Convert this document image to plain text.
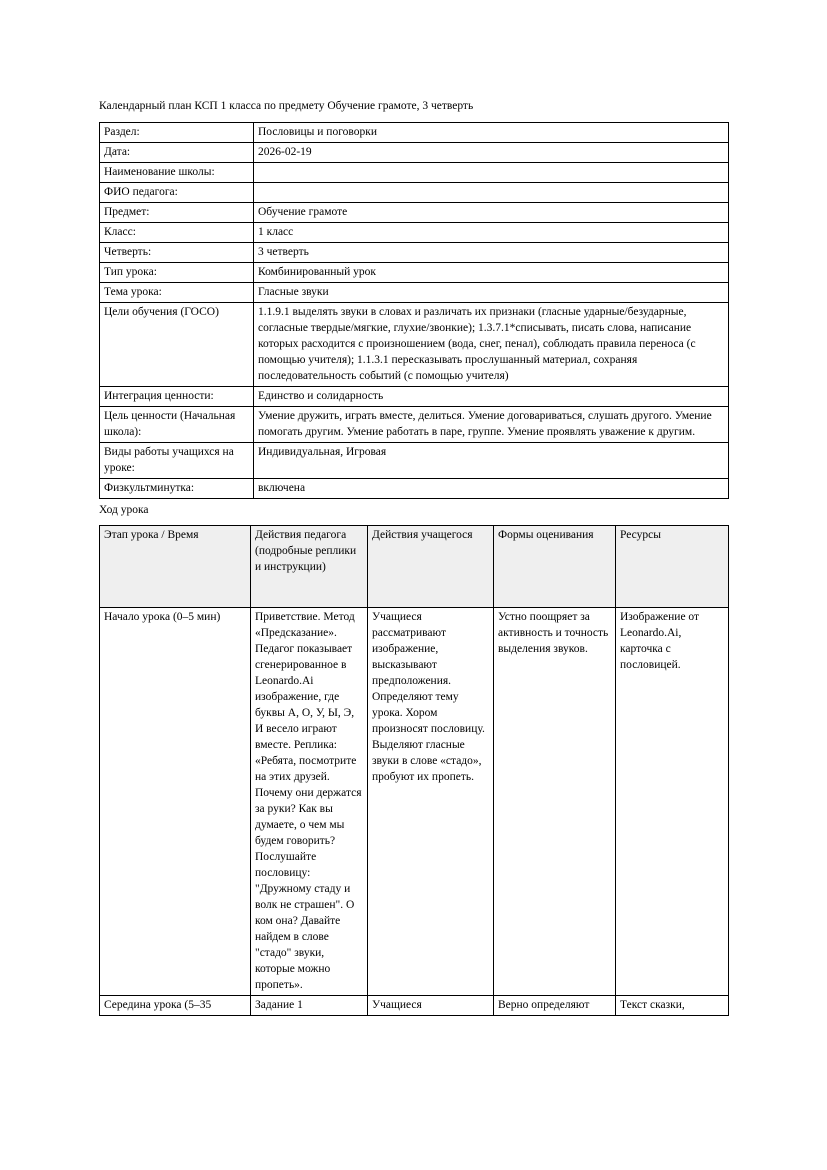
Календарный план КСП 1 класса по предмету Обучение грамоте, 3 четверть

Раздел:	Пословицы и поговорки
Дата:	2026-02-19
Наименование школы:	
ФИО педагога:	
Предмет:	Обучение грамоте
Класс:	1 класс
Четверть:	3 четверть
Тип урока:	Комбинированный урок
Тема урока:	Гласные звуки
Цели обучения (ГОСО)	1.1.9.1 выделять звуки в словах и различать их признаки (гласные ударные/безударные, согласные твердые/мягкие, глухие/звонкие); 1.3.7.1*списывать, писать слова, написание которых расходится с произношением (вода, снег, пенал), соблюдать правила переноса (с помощью учителя); 1.1.3.1 пересказывать прослушанный материал, сохраняя последовательность событий (с помощью учителя)
Интеграция ценности:	Единство и солидарность
Цель ценности (Начальная школа):	Умение дружить, играть вместе, делиться. Умение договариваться, слушать другого. Умение помогать другим. Умение работать в паре, группе. Умение проявлять уважение к другим.
Виды работы учащихся на уроке:	Индивидуальная, Игровая
Физкультминутка:	включена

Ход урока

Этап урока / Время	Действия педагога (подробные реплики и инструкции)	Действия учащегося	Формы оценивания	Ресурсы
Начало урока (0–5 мин)	Приветствие. Метод «Предсказание». Педагог показывает сгенерированное в Leonardo.Ai изображение, где буквы А, О, У, Ы, Э, И весело играют вместе. Реплика: «Ребята, посмотрите на этих друзей. Почему они держатся за руки? Как вы думаете, о чем мы будем говорить? Послушайте пословицу: "Дружному стаду и волк не страшен". О ком она? Давайте найдем в слове "стадо" звуки, которые можно пропеть».	Учащиеся рассматривают изображение, высказывают предположения. Определяют тему урока. Хором произносят пословицу. Выделяют гласные звуки в слове «стадо», пробуют их пропеть.	Устно поощряет за активность и точность выделения звуков.	Изображение от Leonardo.Ai, карточка с пословицей.
Середина урока (5–35	Задание 1	Учащиеся	Верно определяют	Текст сказки,
